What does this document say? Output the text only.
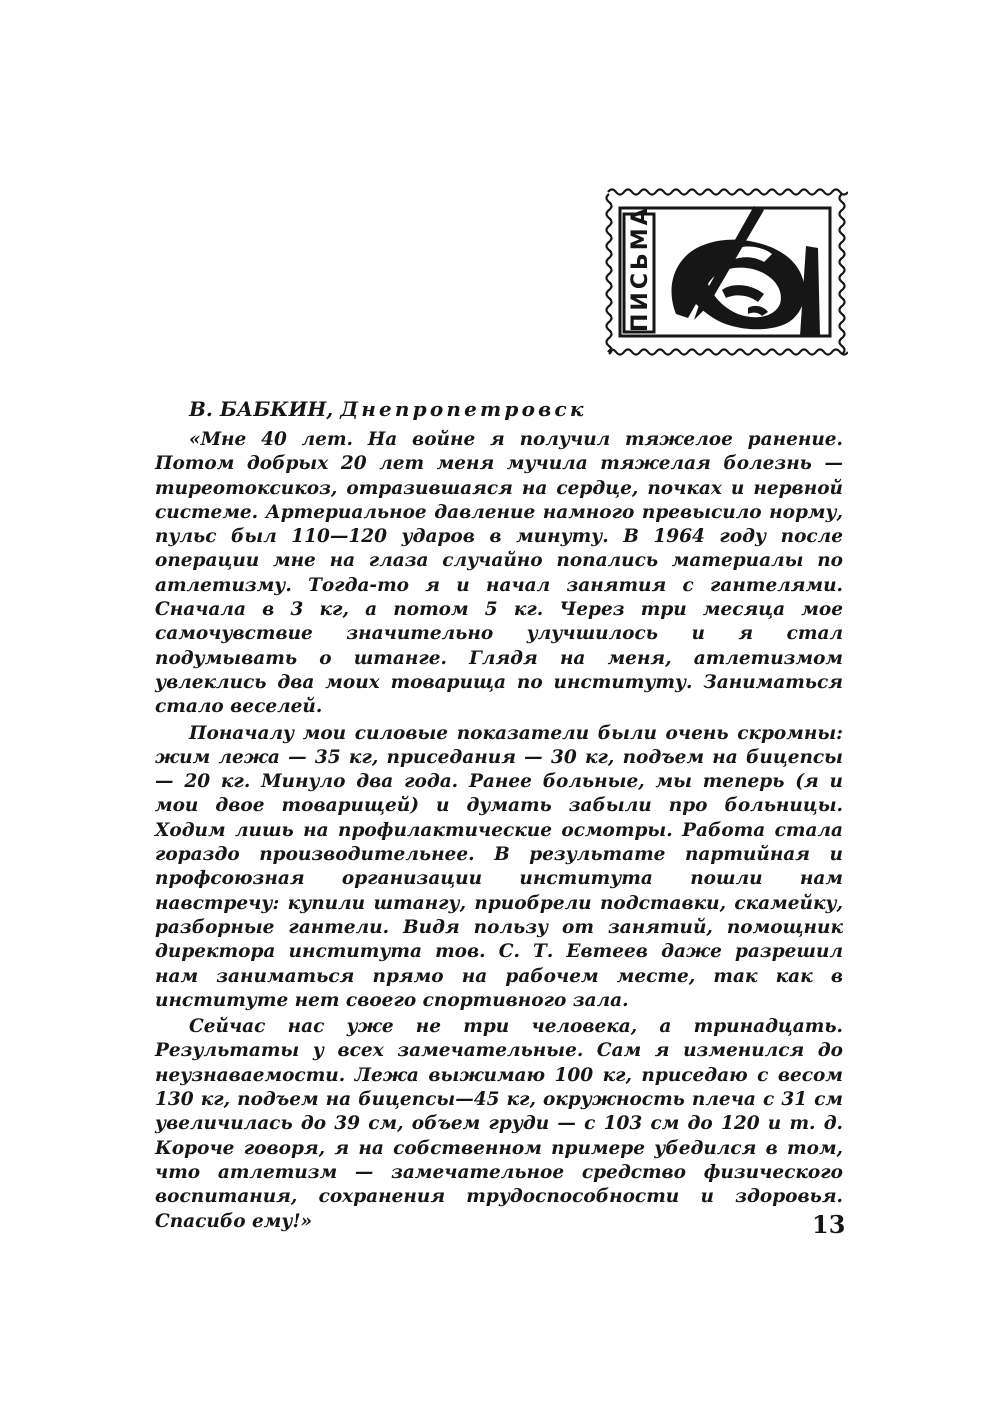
ПИСЬМА
В. БАБКИН, Днепропетровск

«Мне 40 лет. На войне я получил тяжелое ранение. Потом добрых 20 лет меня мучила тяжелая болезнь — тиреотоксикоз, отразившаяся на сердце, почках и нервной системе. Артериальное давление намного превысило норму, пульс был 110—120 ударов в минуту. В 1964 году после операции мне на глаза случайно попались материалы по атлетизму. Тогда-то я и начал занятия с гантелями. Сначала в 3 кг, а потом 5 кг. Через три месяца мое самочувствие значительно улучшилось и я стал подумывать о штанге. Глядя на меня, атлетизмом увлеклись два моих товарища по институту. Заниматься стало веселей.

Поначалу мои силовые показатели были очень скромны: жим лежа — 35 кг, приседания — 30 кг, подъем на бицепсы — 20 кг. Минуло два года. Ранее больные, мы теперь (я и мои двое товарищей) и думать забыли про больницы. Ходим лишь на профилактические осмотры. Работа стала гораздо производительнее. В результате партийная и профсоюзная организации института пошли нам навстречу: купили штангу, приобрели подставки, скамейку, разборные гантели. Видя пользу от занятий, помощник директора института тов. С. Т. Евтеев даже разрешил нам заниматься прямо на рабочем месте, так как в институте нет своего спортивного зала.

Сейчас нас уже не три человека, а тринадцать. Результаты у всех замечательные. Сам я изменился до неузнаваемости. Лежа выжимаю 100 кг, приседаю с весом 130 кг, подъем на бицепсы—45 кг, окружность плеча с 31 см увеличилась до 39 см, объем груди — с 103 см до 120 и т. д. Короче говоря, я на собственном примере убедился в том, что атлетизм — замечательное средство физического воспитания, сохранения трудоспособности и здоровья. Спасибо ему!»	13
